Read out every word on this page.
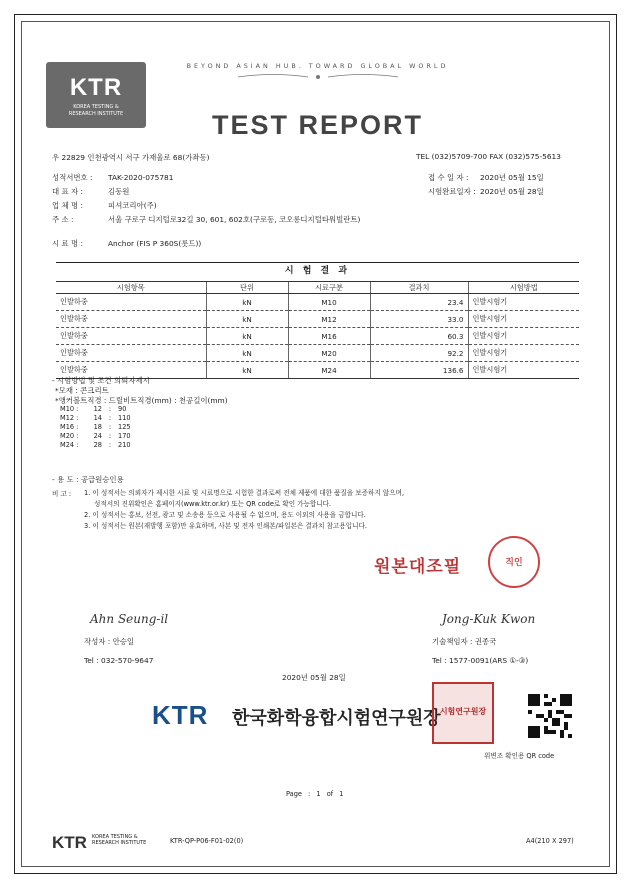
BEYOND ASIAN HUB. TOWARD GLOBAL WORLD
KTR
KOREA TESTING &
RESEARCH INSTITUTE	TEST REPORT
우 22829 인천광역시 서구 가재울로 68(가좌동)	TEL (032)5709-700 FAX (032)575-5613
성적서번호 : TAK-2020-075781	접 수 일 자 : 2020년 05월 15일
대 표 자 :	김동원	시험완료일자 : 2020년 05월 28일
업 체 명 :	피셔코리아(주)
주 소 :	서울 구로구 디지털로32길 30, 601, 602호(구로동, 코오롱디지털타워빌란트)
시 료 명 :	Anchor (FIS P 360S(롯드))
시 험 결 과
시험항목	단위	시료구분	결과치	시험방법
인발하중	kN	M10	23.4	인발시험기
인발하중	kN	M12	33.0	인발시험기
인발하중	kN	M16	60.3	인발시험기
인발하중	kN	M20	92.2	인발시험기
인발하중	kN	M24	136.6	인발시험기
- 시험방법 및 조건 의뢰자제시
*모재 : 콘크리트
*앵커볼트직경 : 드릴비트직경(mm) : 천공길이(mm)
M10 : 12 : 90
M12 : 14 : 110
M16 : 18 : 125
M20 : 24 : 170
M24 : 28 : 210
- 용 도 : 공급원승인용
비 고 : 1. 이 성적서는 의뢰자가 제시한 시료 및 시료명으로 시험한 결과로써 전체 제품에 대한 품질을 보증하지 않으며,
성적서의 진위확인은 홈페이지(www.ktr.or.kr) 또는 QR code로 확인 가능합니다.
2. 이 성적서는 홍보, 선전, 광고 및 소송용 등으로 사용될 수 없으며, 용도 이외의 사용을 금합니다.
3. 이 성적서는 원본(재발행 포함)만 유효하며, 사본 및 전자 인쇄본/파일본은 결과치 참고용입니다.
원본대조필	직인
Ahn Seung-il
작성자 : 안승일
Tel : 032-570-9647
Jong-Kuk Kwon
기술책임자 : 권종국
Tel : 1577-0091(ARS ①-③)
2020년 05월 28일
KTR 한국화학융합시험연구원장 시험연구원장
위변조 확인용 QR code
Page : 1 of 1
KTR KOREA TESTING &
RESEARCH INSTITUTE	KTR-QP-P06-F01-02(0)	A4(210 X 297)
